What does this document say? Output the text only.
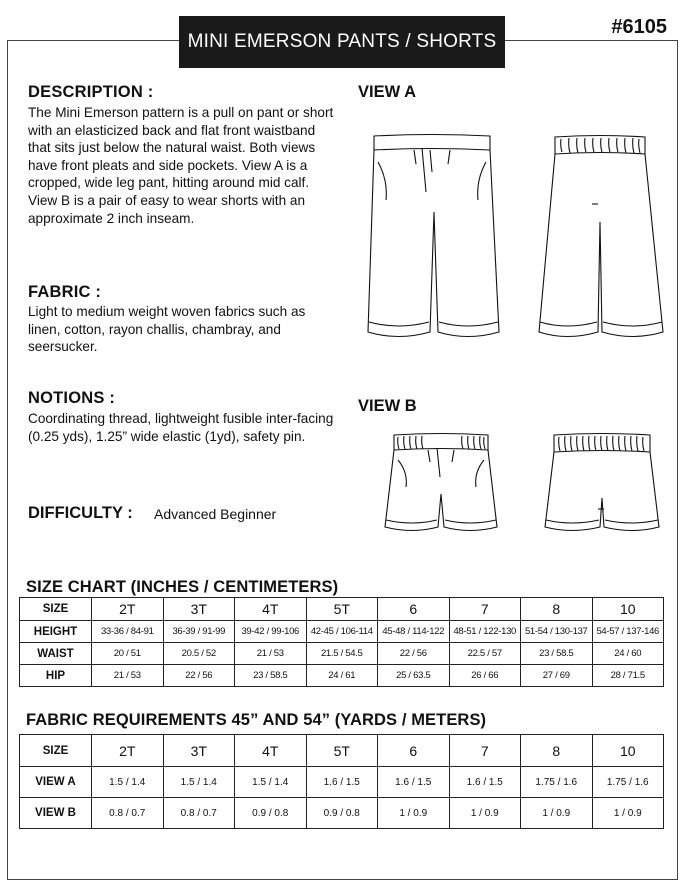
MINI EMERSON PANTS / SHORTS
#6105
DESCRIPTION :
The Mini Emerson pattern is a pull on pant or short with an elasticized back and flat front waistband that sits just below the natural waist. Both views have front pleats and side pockets. View A is a cropped, wide leg pant, hitting around mid calf. View B is a pair of easy to wear shorts with an approximate 2 inch inseam.
FABRIC :
Light to medium weight woven fabrics such as linen, cotton, rayon challis, chambray, and seersucker.
NOTIONS :
Coordinating thread, lightweight fusible inter-facing (0.25 yds), 1.25” wide elastic (1yd), safety pin.
DIFFICULTY : Advanced Beginner
VIEW A
VIEW B
SIZE CHART (INCHES / CENTIMETERS)
SIZE	2T	3T	4T	5T	6	7	8	10
HEIGHT	33-36 / 84-91	36-39 / 91-99	39-42 / 99-106	42-45 / 106-114	45-48 / 114-122	48-51 / 122-130	51-54 / 130-137	54-57 / 137-146
WAIST	20 / 51	20.5 / 52	21 / 53	21.5 / 54.5	22 / 56	22.5 / 57	23 / 58.5	24 / 60
HIP	21 / 53	22 / 56	23 / 58.5	24 / 61	25 / 63.5	26 / 66	27 / 69	28 / 71.5
FABRIC REQUIREMENTS 45” AND 54” (YARDS / METERS)
SIZE	2T	3T	4T	5T	6	7	8	10
VIEW A	1.5 / 1.4	1.5 / 1.4	1.5 / 1.4	1.6 / 1.5	1.6 / 1.5	1.6 / 1.5	1.75 / 1.6	1.75 / 1.6
VIEW B	0.8 / 0.7	0.8 / 0.7	0.9 / 0.8	0.9 / 0.8	1 / 0.9	1 / 0.9	1 / 0.9	1 / 0.9
